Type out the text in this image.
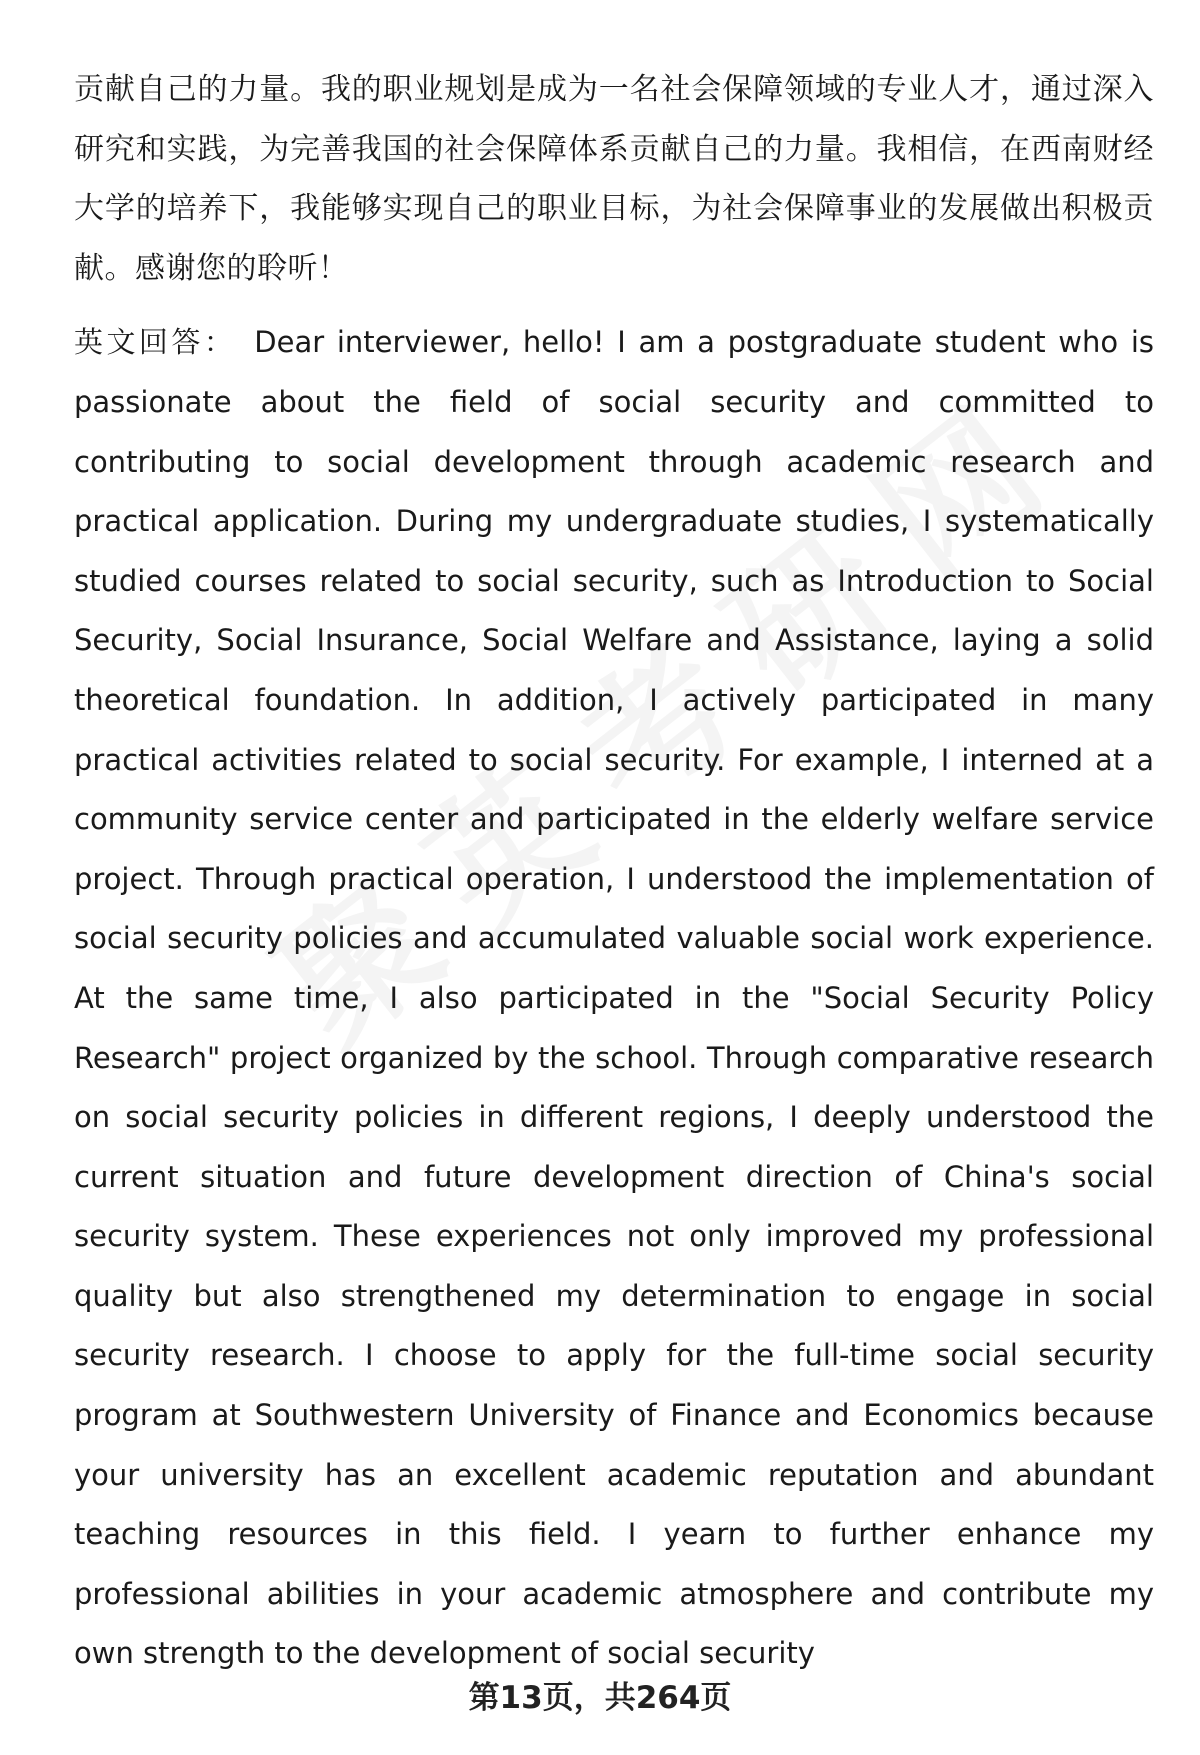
贡献自己的力量。我的职业规划是成为一名社会保障领域的专业人才，通过深入研究和实践，为完善我国的社会保障体系贡献自己的力量。我相信，在西南财经大学的培养下，我能够实现自己的职业目标，为社会保障事业的发展做出积极贡献。感谢您的聆听！

英文回答： Dear interviewer, hello! I am a postgraduate student who is passionate about the field of social security and committed to contributing to social development through academic research and practical application. During my undergraduate studies, I systematically studied courses related to social security, such as Introduction to Social Security, Social Insurance, Social Welfare and Assistance, laying a solid theoretical foundation. In addition, I actively participated in many practical activities related to social security. For example, I interned at a community service center and participated in the elderly welfare service project. Through practical operation, I understood the implementation of social security policies and accumulated valuable social work experience. At the same time, I also participated in the "Social Security Policy Research" project organized by the school. Through comparative research on social security policies in different regions, I deeply understood the current situation and future development direction of China's social security system. These experiences not only improved my professional quality but also strengthened my determination to engage in social security research. I choose to apply for the full-time social security program at Southwestern University of Finance and Economics because your university has an excellent academic reputation and abundant teaching resources in this field. I yearn to further enhance my professional abilities in your academic atmosphere and contribute my own strength to the development of social security

第13页，共264页
